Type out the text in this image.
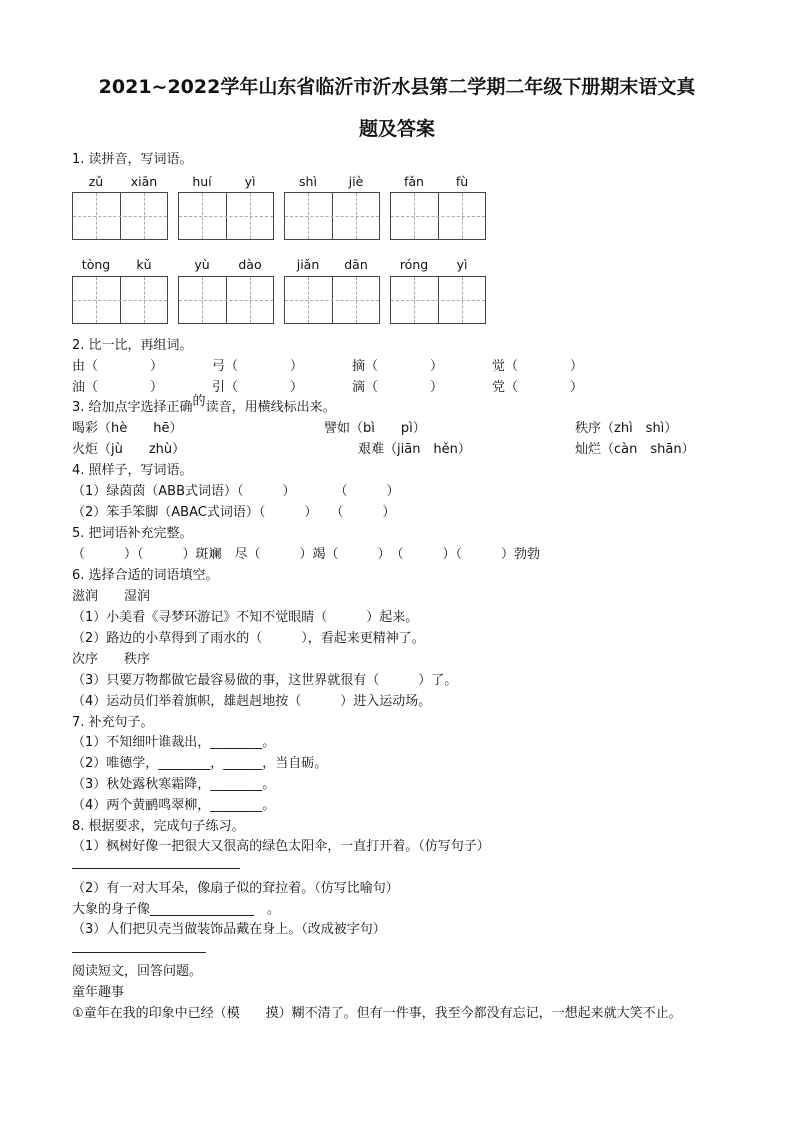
2021~2022学年山东省临沂市沂水县第二学期二年级下册期末语文真
题及答案
1. 读拼音，写词语。
zǔ	xiān	huí	yì	shì	jiè	fǎn	fù
tòng	kǔ	yù	dào	jiǎn	dān	róng	yì
2. 比一比，再组词。
由（　　　　）	弓（　　　　）	摘（　　　　）	觉（　　　　）
油（　　　　）	引（　　　　）	滴（　　　　）	党（　　　　）
3. 给加点字选择正确的读音，用横线标出来。
喝彩（hè　　hē）	譬如（bì　　pì）	秩序（zhì　shì）
火炬（jù　　zhù）	艰难（jiān　hěn）	灿烂（càn　shān）
4. 照样子，写词语。
（1）绿茵茵（ABB式词语）（　　　）　　　　（　　　）
（2）笨手笨脚（ABAC式词语）（　　　）　　（　　　）
5. 把词语补充完整。
（　　　）（　　　）斑斓　尽（　　　）竭（　　　）　（　　　）（　　　）勃勃
6. 选择合适的词语填空。
滋润　　湿润
（1）小美看《寻梦环游记》不知不觉眼睛（　　　）起来。
（2）路边的小草得到了雨水的（　　　），看起来更精神了。
次序　　秩序
（3）只要万物都做它最容易做的事，这世界就很有（　　　）了。
（4）运动员们举着旗帜，雄赳赳地按（　　　）进入运动场。
7. 补充句子。
（1）不知细叶谁裁出，________。
（2）唯德学，________，______，当自砺。
（3）秋处露秋寒霜降，________。
（4）两个黄鹂鸣翠柳，________。
8. 根据要求，完成句子练习。
（1）枫树好像一把很大又很高的绿色太阳伞，一直打开着。（仿写句子）
（2）有一对大耳朵，像扇子似的耷拉着。（仿写比喻句）
大象的身子像________________　。
（3）人们把贝壳当做装饰品戴在身上。（改成被字句）
阅读短文，回答问题。
童年趣事
①童年在我的印象中已经（模　　摸）糊不清了。但有一件事，我至今都没有忘记，一想起来就大笑不止。
